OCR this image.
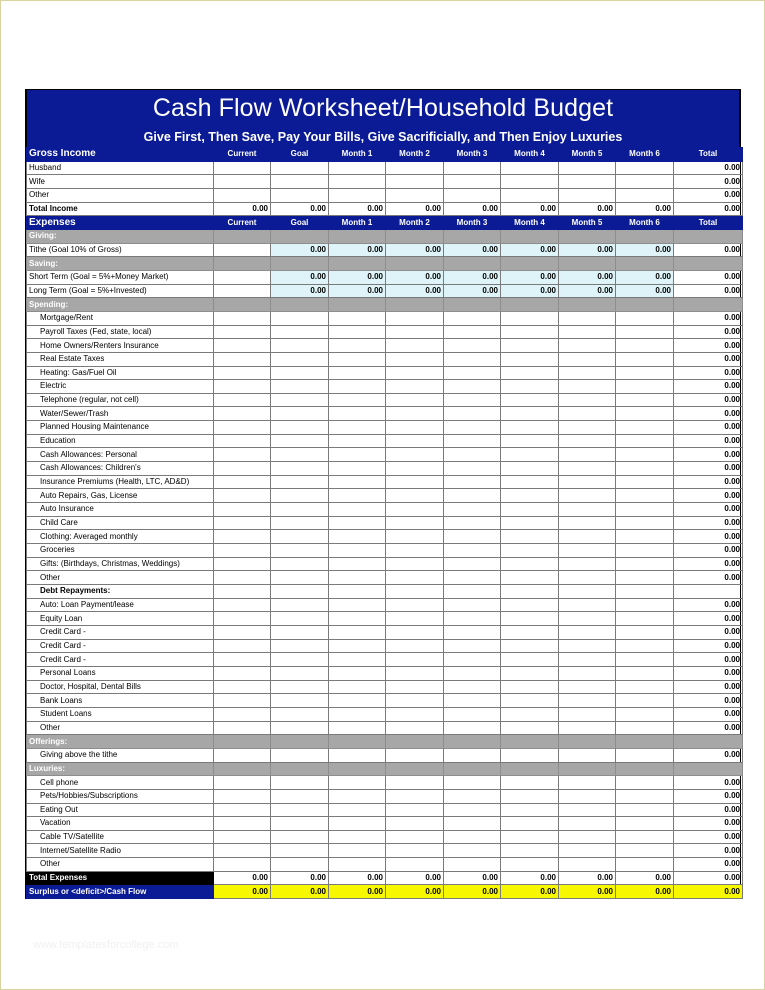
Cash Flow Worksheet/Household Budget
Give First, Then Save, Pay Your Bills, Give Sacrificially, and Then Enjoy Luxuries
Gross Income	Current	Goal	Month 1	Month 2	Month 3	Month 4	Month 5	Month 6	Total
Husband									0.00
Wife									0.00
Other									0.00
Total Income	0.00	0.00	0.00	0.00	0.00	0.00	0.00	0.00	0.00
Expenses	Current	Goal	Month 1	Month 2	Month 3	Month 4	Month 5	Month 6	Total
Giving:									
Tithe (Goal 10% of Gross)		0.00	0.00	0.00	0.00	0.00	0.00	0.00	0.00
Saving:									
Short Term (Goal = 5%+Money Market)		0.00	0.00	0.00	0.00	0.00	0.00	0.00	0.00
Long Term (Goal = 5%+Invested)		0.00	0.00	0.00	0.00	0.00	0.00	0.00	0.00
Spending:									
Mortgage/Rent									0.00
Payroll Taxes (Fed, state, local)									0.00
Home Owners/Renters Insurance									0.00
Real Estate Taxes									0.00
Heating: Gas/Fuel Oil									0.00
Electric									0.00
Telephone (regular, not cell)									0.00
Water/Sewer/Trash									0.00
Planned Housing Maintenance									0.00
Education									0.00
Cash Allowances: Personal									0.00
Cash Allowances: Children's									0.00
Insurance Premiums (Health, LTC, AD&D)									0.00
Auto Repairs, Gas, License									0.00
Auto Insurance									0.00
Child Care									0.00
Clothing: Averaged monthly									0.00
Groceries									0.00
Gifts: (Birthdays, Christmas, Weddings)									0.00
Other									0.00
Debt Repayments:									
Auto: Loan Payment/lease									0.00
Equity Loan									0.00
Credit Card -									0.00
Credit Card -									0.00
Credit Card -									0.00
Personal Loans									0.00
Doctor, Hospital, Dental Bills									0.00
Bank Loans									0.00
Student Loans									0.00
Other									0.00
Offerings:									
Giving above the tithe									0.00
Luxuries:									
Cell phone									0.00
Pets/Hobbies/Subscriptions									0.00
Eating Out									0.00
Vacation									0.00
Cable TV/Satellite									0.00
Internet/Satellite Radio									0.00
Other									0.00
Total Expenses	0.00	0.00	0.00	0.00	0.00	0.00	0.00	0.00	0.00
Surplus or <deficit>/Cash Flow	0.00	0.00	0.00	0.00	0.00	0.00	0.00	0.00	0.00
www.templatesforcollege.com
